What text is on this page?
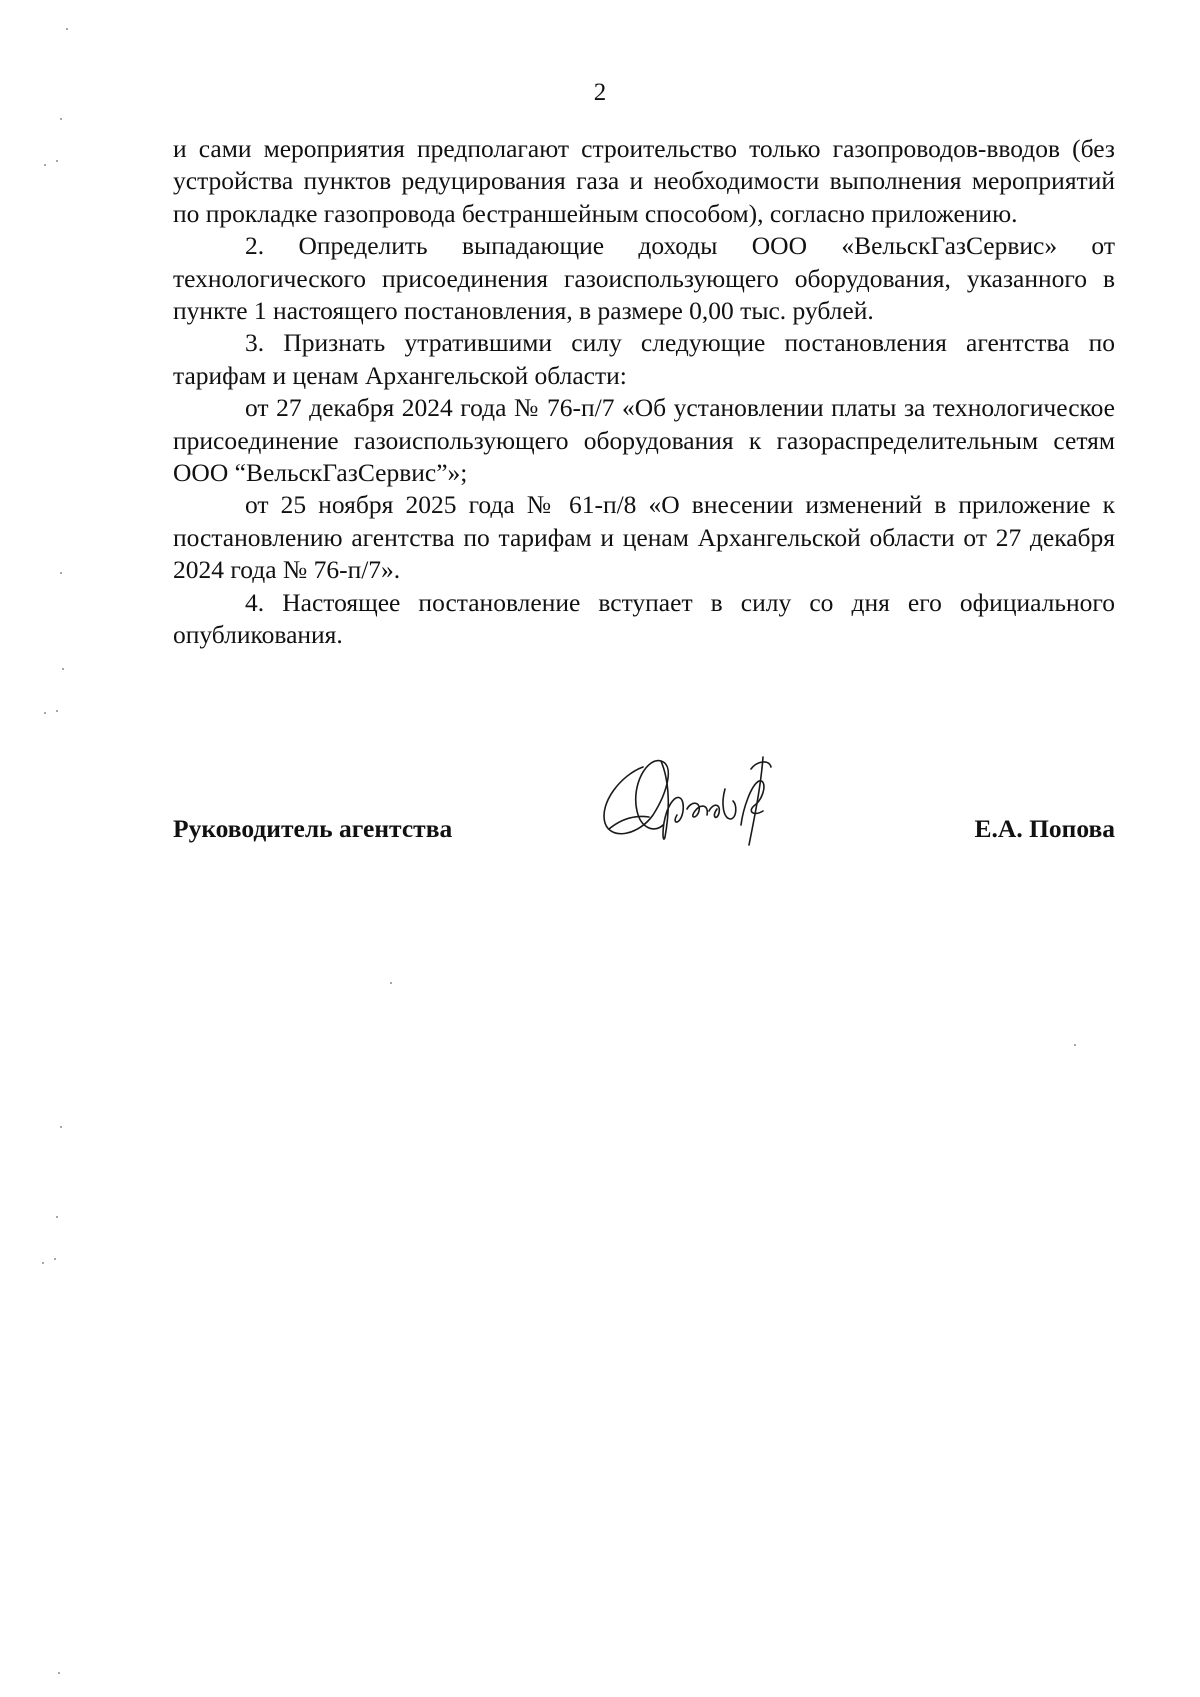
2

и сами мероприятия предполагают строительство только газопроводов-вводов (без устройства пунктов редуцирования газа и необходимости выполнения мероприятий по прокладке газопровода бестраншейным способом), согласно приложению.

2. Определить выпадающие доходы ООО «ВельскГазСервис» от технологического присоединения газоиспользующего оборудования, указанного в пункте 1 настоящего постановления, в размере 0,00 тыс. рублей.

3. Признать утратившими силу следующие постановления агентства по тарифам и ценам Архангельской области:

от 27 декабря 2024 года № 76-п/7 «Об установлении платы за технологическое присоединение газоиспользующего оборудования к газораспределительным сетям ООО “ВельскГазСервис”»;

от 25 ноября 2025 года № 61-п/8 «О внесении изменений в приложение к постановлению агентства по тарифам и ценам Архангельской области от 27 декабря 2024 года № 76-п/7».

4. Настоящее постановление вступает в силу со дня его официального опубликования.

Руководитель агентства	Е.А. Попова
